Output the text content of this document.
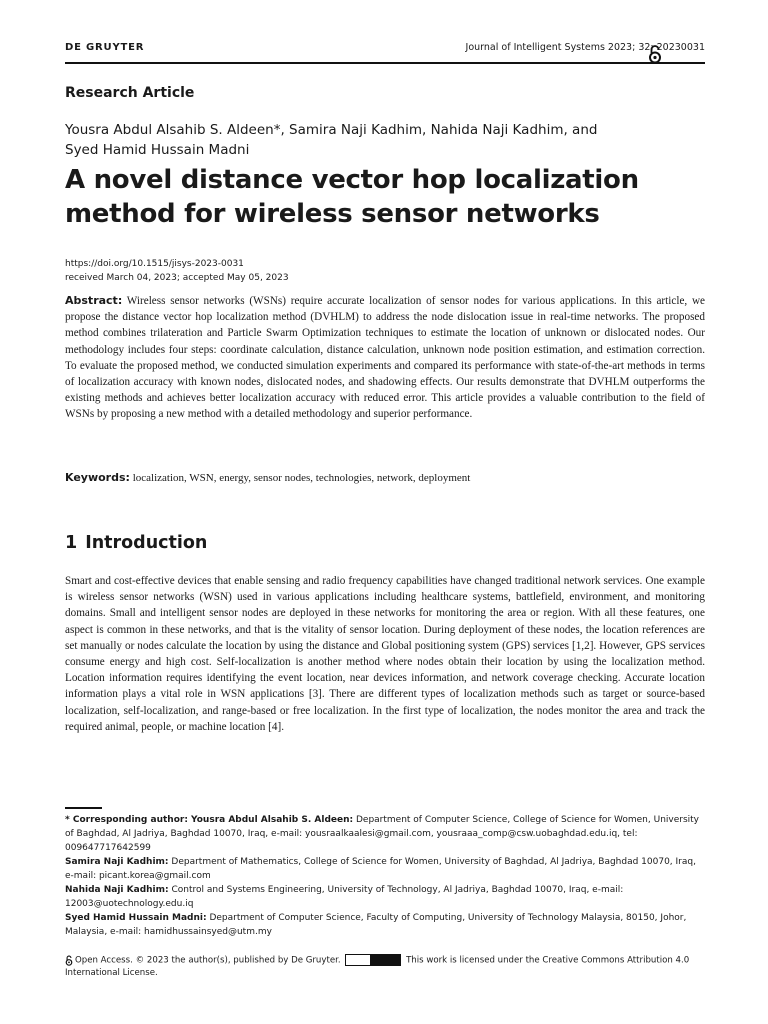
DE GRUYTER	Journal of Intelligent Systems 2023; 32: 20230031
Research Article
Yousra Abdul Alsahib S. Aldeen*, Samira Naji Kadhim, Nahida Naji Kadhim, and
Syed Hamid Hussain Madni
A novel distance vector hop localization
method for wireless sensor networks
https://doi.org/10.1515/jisys-2023-0031
received March 04, 2023; accepted May 05, 2023
Abstract: Wireless sensor networks (WSNs) require accurate localization of sensor nodes for various applications. In this article, we propose the distance vector hop localization method (DVHLM) to address the node dislocation issue in real-time networks. The proposed method combines trilateration and Particle Swarm Optimization techniques to estimate the location of unknown or dislocated nodes. Our methodology includes four steps: coordinate calculation, distance calculation, unknown node position estimation, and estimation correction. To evaluate the proposed method, we conducted simulation experiments and compared its performance with state-of-the-art methods in terms of localization accuracy with known nodes, dislocated nodes, and shadowing effects. Our results demonstrate that DVHLM outperforms the existing methods and achieves better localization accuracy with reduced error. This article provides a valuable contribution to the field of WSNs by proposing a new method with a detailed methodology and superior performance.
Keywords: localization, WSN, energy, sensor nodes, technologies, network, deployment
1 Introduction
Smart and cost-effective devices that enable sensing and radio frequency capabilities have changed traditional network services. One example is wireless sensor networks (WSN) used in various applications including healthcare systems, battlefield, environment, and monitoring domains. Small and intelligent sensor nodes are deployed in these networks for monitoring the area or region. With all these features, one aspect is common in these networks, and that is the vitality of sensor location. During deployment of these nodes, the location references are set manually or nodes calculate the location by using the distance and Global positioning system (GPS) services [1,2]. However, GPS services consume energy and high cost. Self-localization is another method where nodes obtain their location by using the localization method. Location information requires identifying the event location, near devices information, and network coverage checking. Accurate location information plays a vital role in WSN applications [3]. There are different types of localization methods such as target or source-based localization, self-localization, and range-based or free localization. In the first type of localization, the nodes monitor the area and track the required animal, people, or machine location [4].

* Corresponding author: Yousra Abdul Alsahib S. Aldeen: Department of Computer Science, College of Science for Women, University of Baghdad, Al Jadriya, Baghdad 10070, Iraq, e-mail: yousraalkaalesi@gmail.com, yousraaa_comp@csw.uobaghdad.edu.iq, tel: 009647717642599

Samira Naji Kadhim: Department of Mathematics, College of Science for Women, University of Baghdad, Al Jadriya, Baghdad 10070, Iraq, e-mail: picant.korea@gmail.com

Nahida Naji Kadhim: Control and Systems Engineering, University of Technology, Al Jadriya, Baghdad 10070, Iraq, e-mail: 12003@uotechnology.edu.iq

Syed Hamid Hussain Madni: Department of Computer Science, Faculty of Computing, University of Technology Malaysia, 80150, Johor, Malaysia, e-mail: hamidhussainsyed@utm.my

Open Access. © 2023 the author(s), published by De Gruyter.	This work is licensed under the Creative Commons Attribution 4.0 International License.
